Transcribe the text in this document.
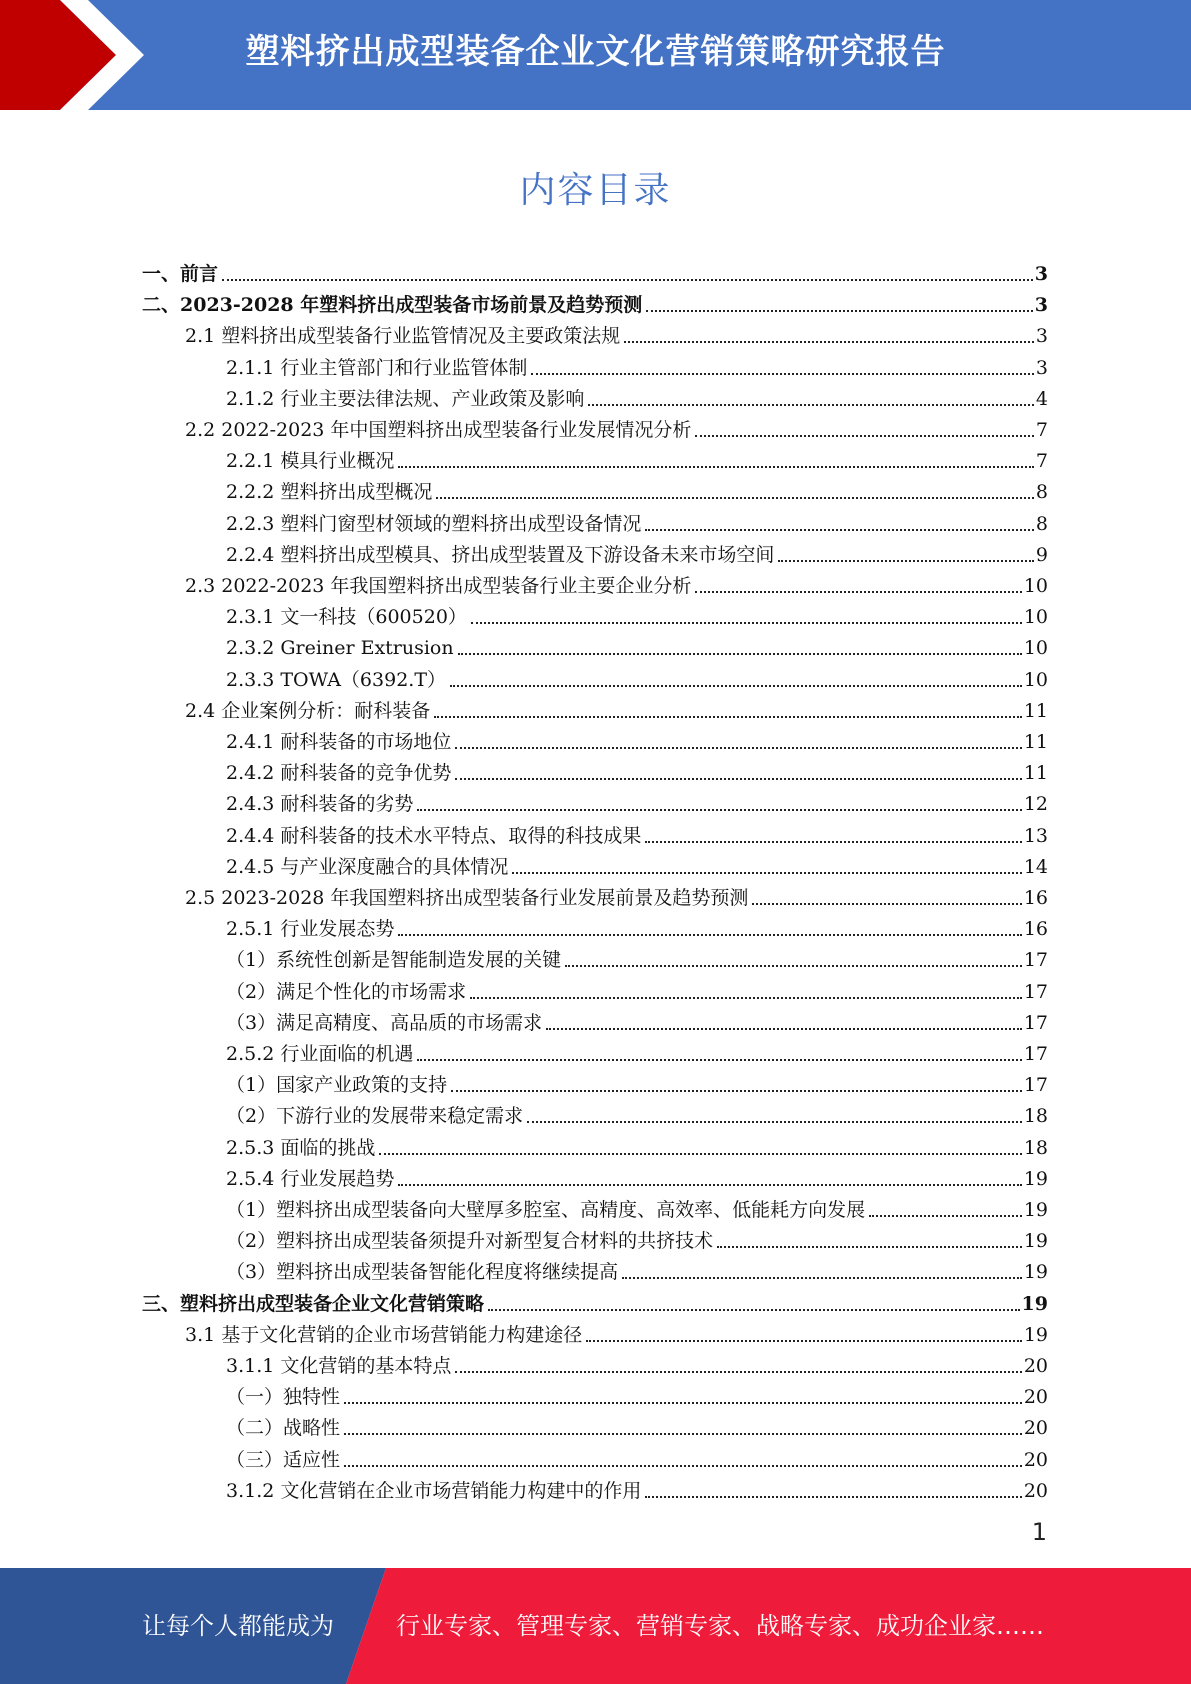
塑料挤出成型装备企业文化营销策略研究报告
内容目录
一、前言	3
二、2023-2028 年塑料挤出成型装备市场前景及趋势预测	3
2.1 塑料挤出成型装备行业监管情况及主要政策法规	3
2.1.1 行业主管部门和行业监管体制	3
2.1.2 行业主要法律法规、产业政策及影响	4
2.2 2022-2023 年中国塑料挤出成型装备行业发展情况分析	7
2.2.1 模具行业概况	7
2.2.2 塑料挤出成型概况	8
2.2.3 塑料门窗型材领域的塑料挤出成型设备情况	8
2.2.4 塑料挤出成型模具、挤出成型装置及下游设备未来市场空间	9
2.3 2022-2023 年我国塑料挤出成型装备行业主要企业分析	10
2.3.1 文一科技（600520）	10
2.3.2 Greiner Extrusion	10
2.3.3 TOWA（6392.T）	10
2.4 企业案例分析：耐科装备	11
2.4.1 耐科装备的市场地位	11
2.4.2 耐科装备的竞争优势	11
2.4.3 耐科装备的劣势	12
2.4.4 耐科装备的技术水平特点、取得的科技成果	13
2.4.5 与产业深度融合的具体情况	14
2.5 2023-2028 年我国塑料挤出成型装备行业发展前景及趋势预测	16
2.5.1 行业发展态势	16
（1）系统性创新是智能制造发展的关键	17
（2）满足个性化的市场需求	17
（3）满足高精度、高品质的市场需求	17
2.5.2 行业面临的机遇	17
（1）国家产业政策的支持	17
（2）下游行业的发展带来稳定需求	18
2.5.3 面临的挑战	18
2.5.4 行业发展趋势	19
（1）塑料挤出成型装备向大壁厚多腔室、高精度、高效率、低能耗方向发展	19
（2）塑料挤出成型装备须提升对新型复合材料的共挤技术	19
（3）塑料挤出成型装备智能化程度将继续提高	19
三、塑料挤出成型装备企业文化营销策略	19
3.1 基于文化营销的企业市场营销能力构建途径	19
3.1.1 文化营销的基本特点	20
（一）独特性	20
（二）战略性	20
（三）适应性	20
3.1.2 文化营销在企业市场营销能力构建中的作用	20
1
让每个人都能成为	行业专家、管理专家、营销专家、战略专家、成功企业家……
